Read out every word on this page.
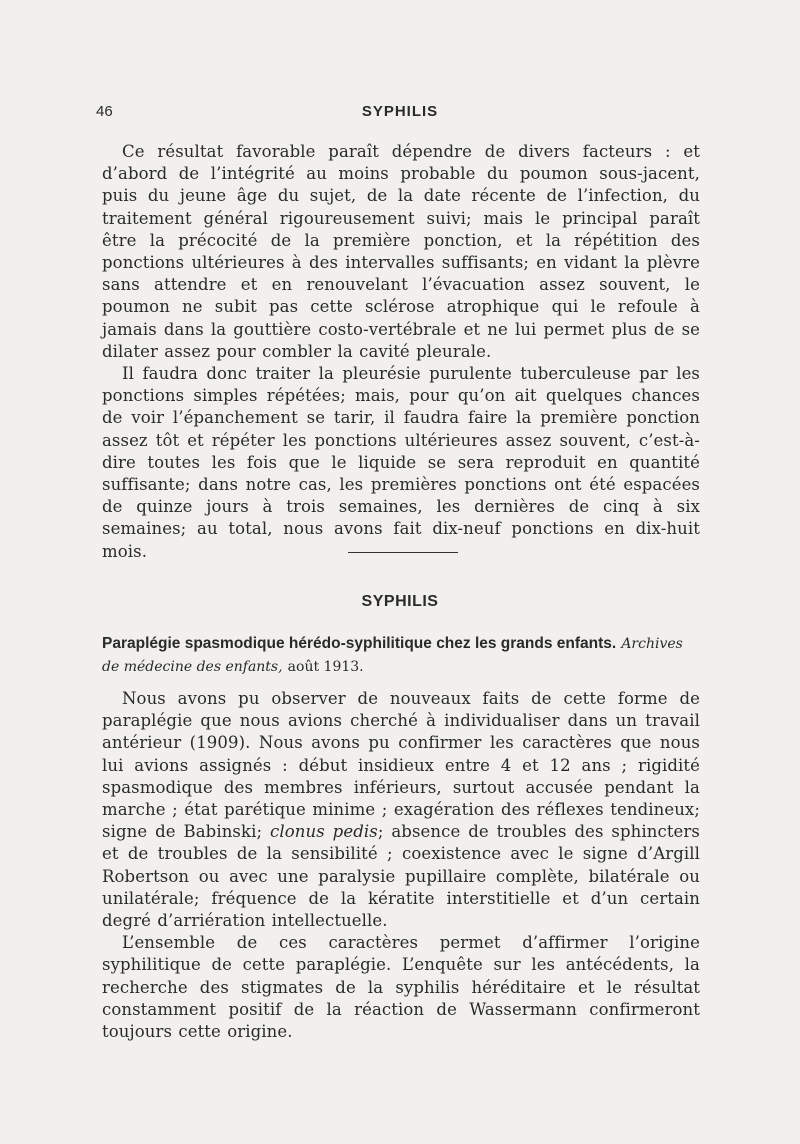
46	SYPHILIS

Ce résultat favorable paraît dépendre de divers facteurs : et d’abord de l’intégrité au moins probable du poumon sous-jacent, puis du jeune âge du sujet, de la date récente de l’infection, du traitement général rigoureusement suivi; mais le principal paraît être la précocité de la première ponction, et la répétition des ponctions ultérieures à des intervalles suffisants; en vidant la plèvre sans attendre et en renouvelant l’évacuation assez souvent, le poumon ne subit pas cette sclérose atrophique qui le refoule à jamais dans la gouttière costo-vertébrale et ne lui permet plus de se dilater assez pour combler la cavité pleurale.

Il faudra donc traiter la pleurésie purulente tuberculeuse par les ponctions simples répétées; mais, pour qu’on ait quelques chances de voir l’épanchement se tarir, il faudra faire la première ponction assez tôt et répéter les ponctions ultérieures assez souvent, c’est-à-dire toutes les fois que le liquide se sera reproduit en quantité suffisante; dans notre cas, les premières ponctions ont été espacées de quinze jours à trois semaines, les dernières de cinq à six semaines; au total, nous avons fait dix-neuf ponctions en dix-huit mois.

SYPHILIS
Paraplégie spasmodique hérédo-syphilitique chez les grands enfants. Archives de médecine des enfants, août 1913.

Nous avons pu observer de nouveaux faits de cette forme de paraplégie que nous avions cherché à individualiser dans un travail antérieur (1909). Nous avons pu confirmer les caractères que nous lui avions assignés : début insidieux entre 4 et 12 ans ; rigidité spasmodique des membres inférieurs, surtout accusée pendant la marche ; état parétique minime ; exagération des réflexes tendineux; signe de Babinski; clonus pedis; absence de troubles des sphincters et de troubles de la sensibilité ; coexistence avec le signe d’Argill Robertson ou avec une paralysie pupillaire complète, bilatérale ou unilatérale; fréquence de la kératite interstitielle et d’un certain degré d’arriération intellectuelle.

L’ensemble de ces caractères permet d’affirmer l’origine syphilitique de cette paraplégie. L’enquête sur les antécédents, la recherche des stigmates de la syphilis héréditaire et le résultat constamment positif de la réaction de Wassermann confirmeront toujours cette origine.
